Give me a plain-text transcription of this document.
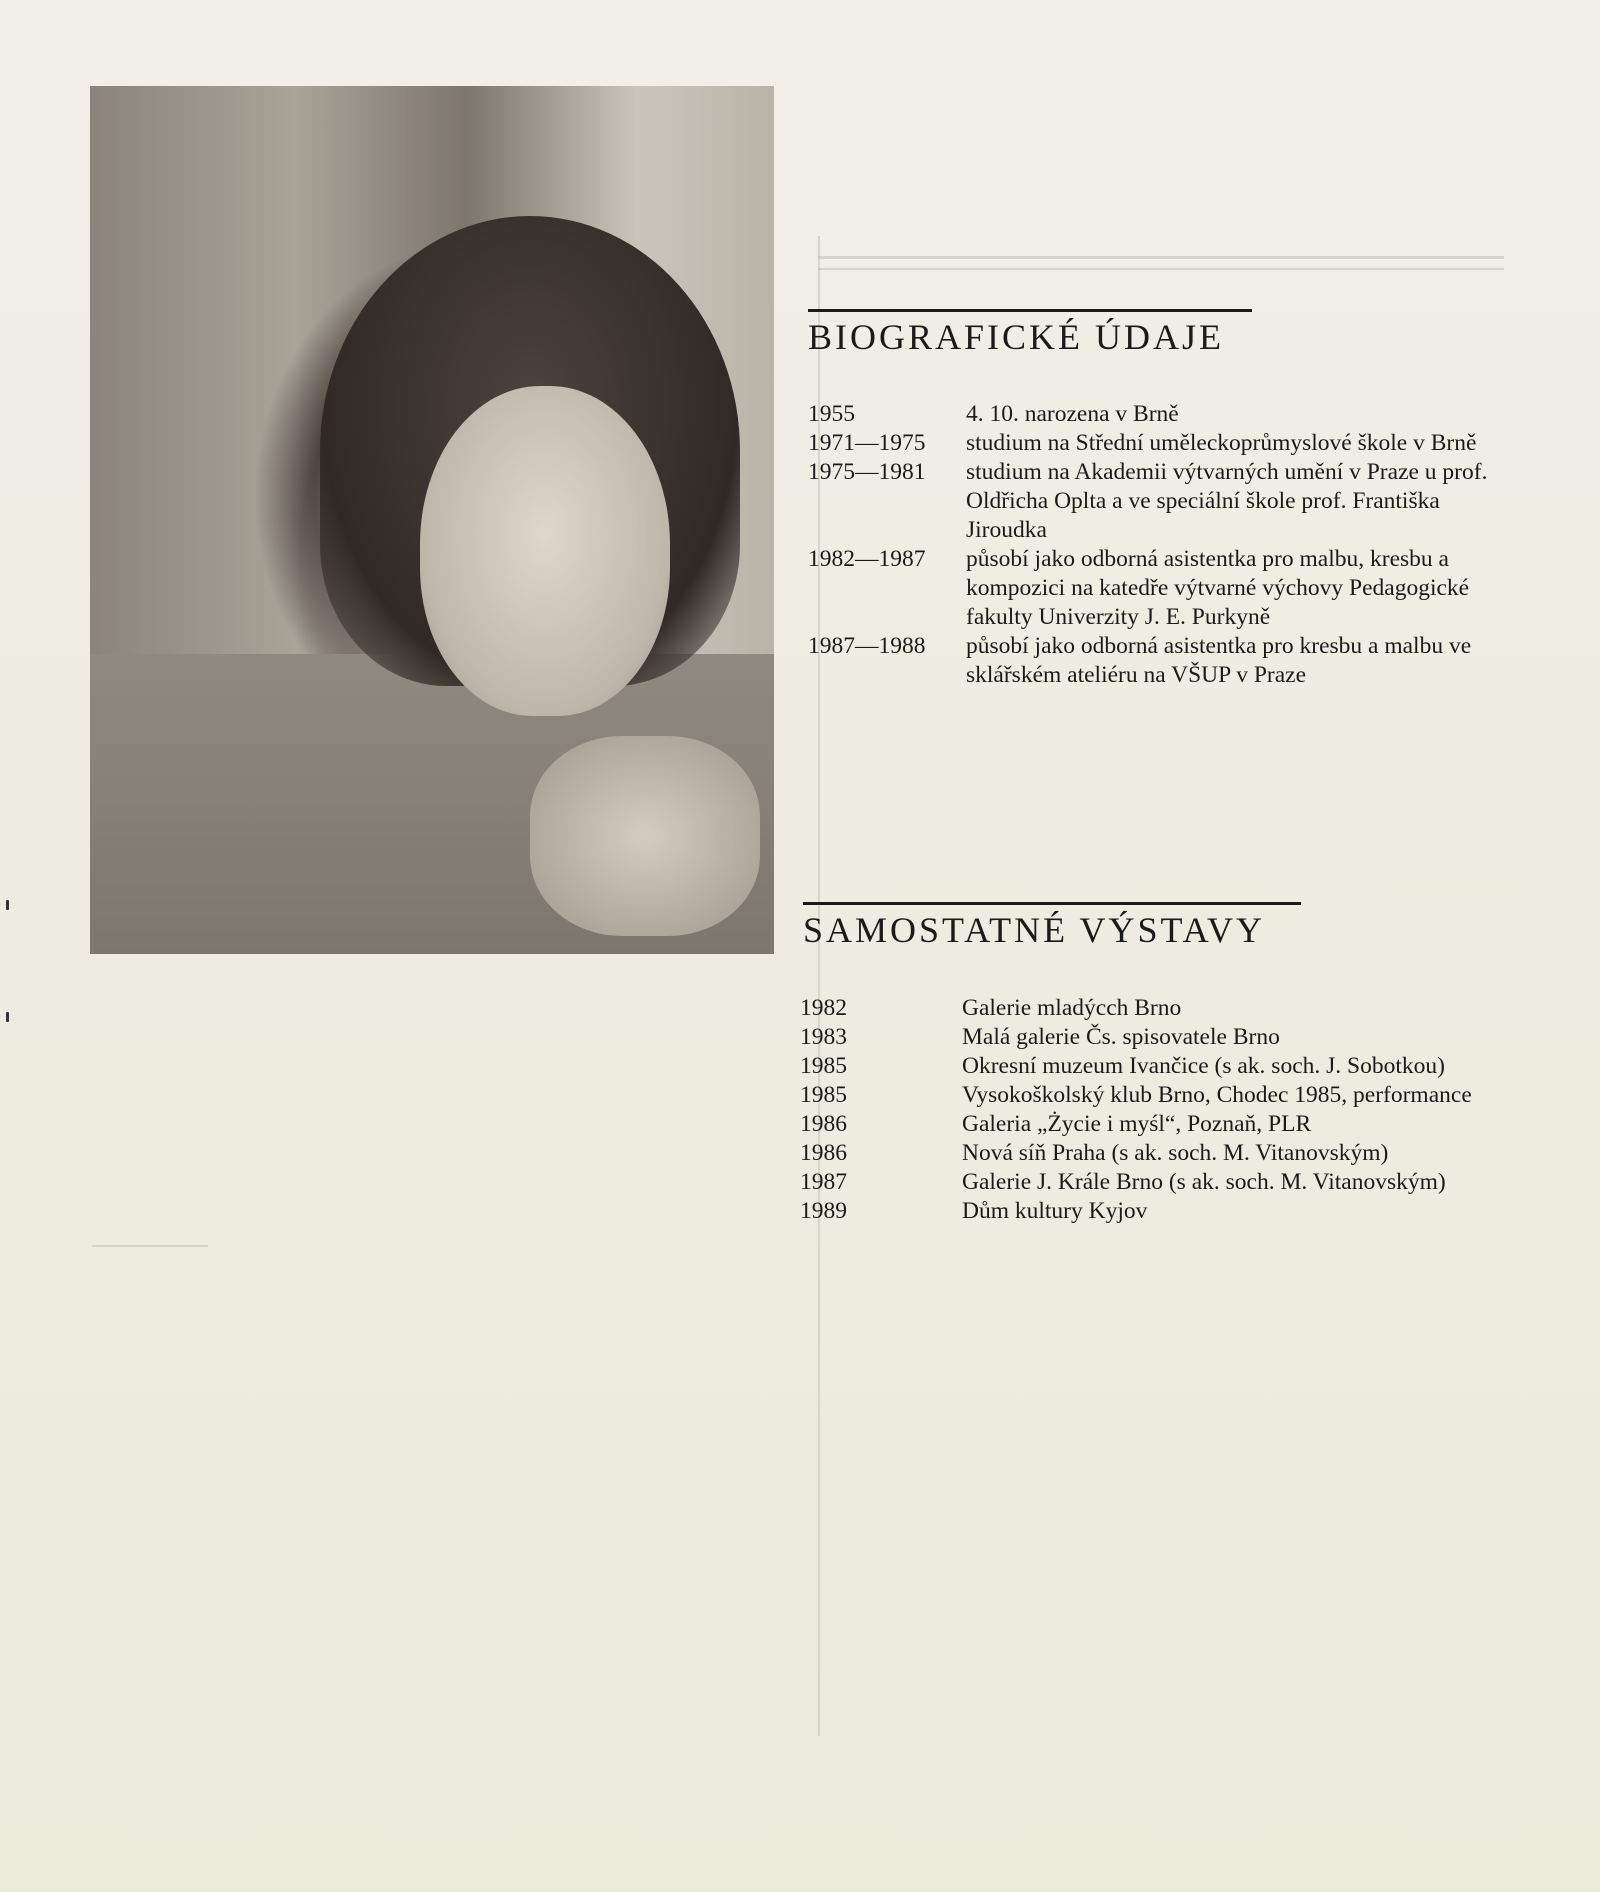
BIOGRAFICKÉ ÚDAJE
1955	4. 10. narozena v Brně
1971—1975	studium na Střední uměleckoprůmyslové škole v Brně
1975—1981	studium na Akademii výtvarných umění v Praze u prof. Oldřicha Oplta a ve speciální škole prof. Františka Jiroudka
1982—1987	působí jako odborná asistentka pro malbu, kresbu a kompozici na katedře výtvarné výchovy Pedagogické fakulty Univerzity J. E. Purkyně
1987—1988	působí jako odborná asistentka pro kresbu a malbu ve sklářském ateliéru na VŠUP v Praze
SAMOSTATNÉ VÝSTAVY
1982	Galerie mladýcch Brno
1983	Malá galerie Čs. spisovatele Brno
1985	Okresní muzeum Ivančice (s ak. soch. J. Sobotkou)
1985	Vysokoškolský klub Brno, Chodec 1985, performance
1986	Galeria „Życie i myśl“, Poznaň, PLR
1986	Nová síň Praha (s ak. soch. M. Vitanovským)
1987	Galerie J. Krále Brno (s ak. soch. M. Vitanovským)
1989	Dům kultury Kyjov
